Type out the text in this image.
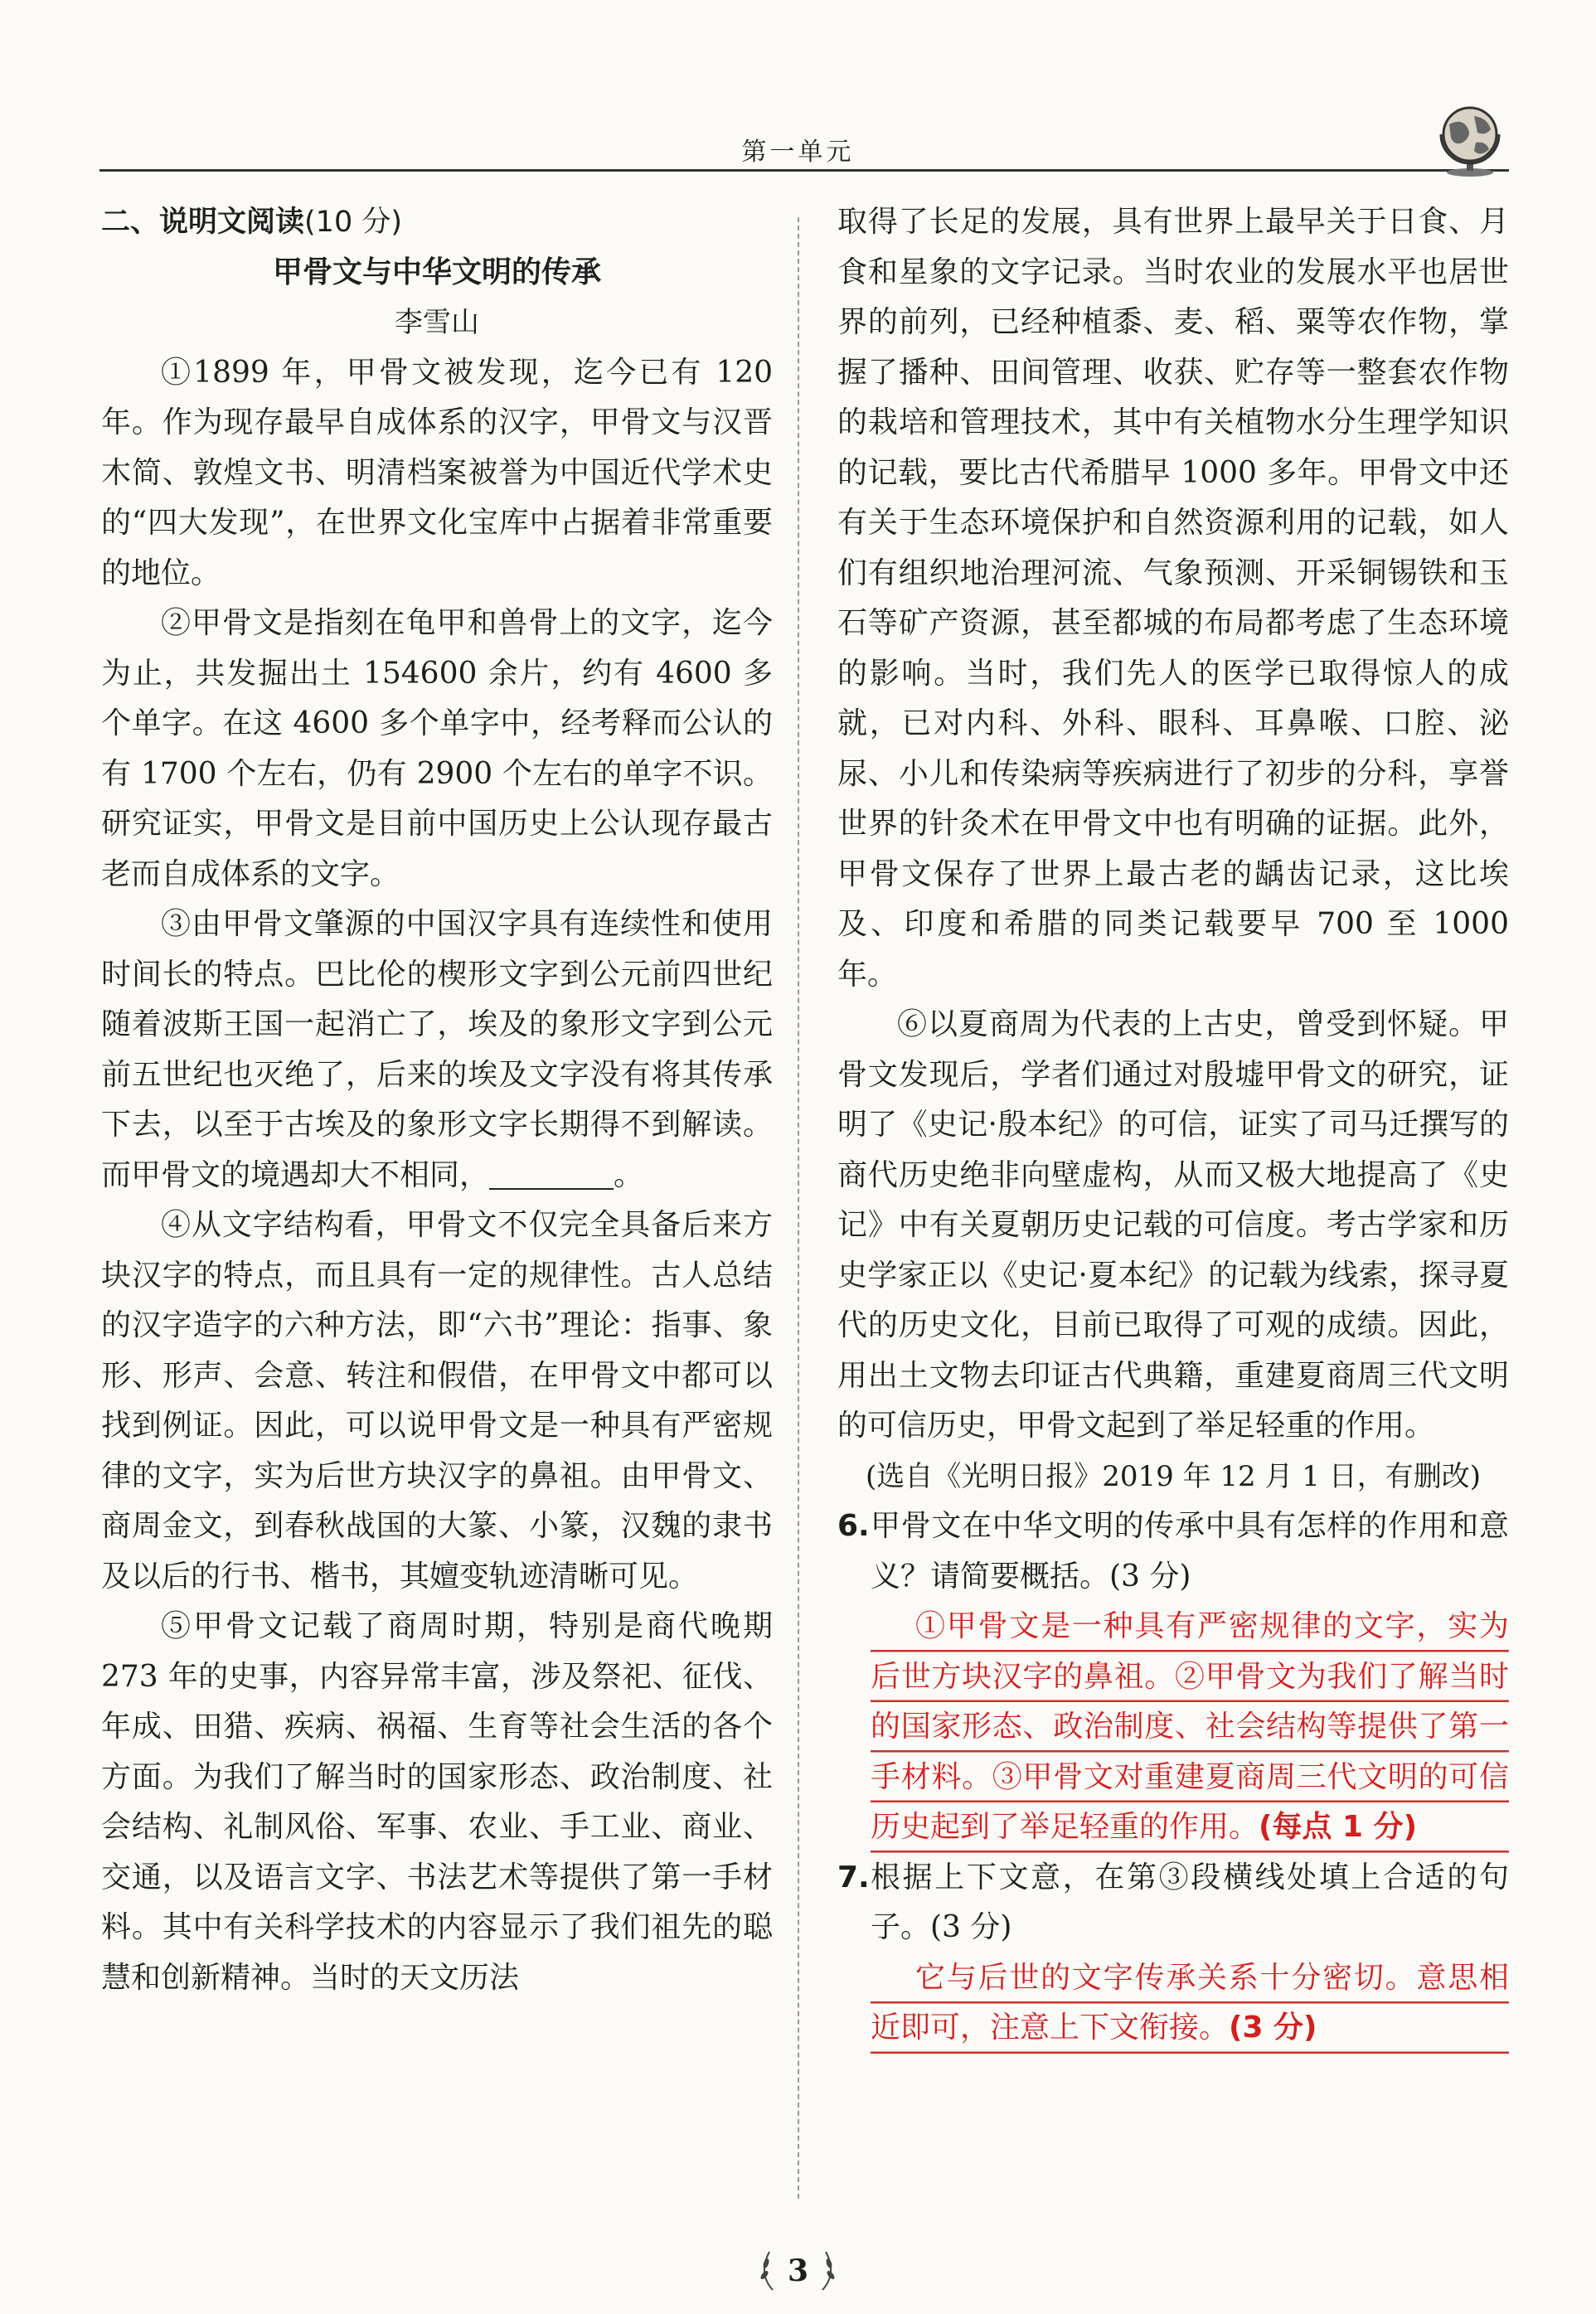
第一单元
二、说明文阅读(10 分)
甲骨文与中华文明的传承

李雪山

①1899 年，甲骨文被发现，迄今已有 120 年。作为现存最早自成体系的汉字，甲骨文与汉晋木简、敦煌文书、明清档案被誉为中国近代学术史的“四大发现”，在世界文化宝库中占据着非常重要的地位。

②甲骨文是指刻在龟甲和兽骨上的文字，迄今为止，共发掘出土 154600 余片，约有 4600 多个单字。在这 4600 多个单字中，经考释而公认的有 1700 个左右，仍有 2900 个左右的单字不识。研究证实，甲骨文是目前中国历史上公认现存最古老而自成体系的文字。

③由甲骨文肇源的中国汉字具有连续性和使用时间长的特点。巴比伦的楔形文字到公元前四世纪随着波斯王国一起消亡了，埃及的象形文字到公元前五世纪也灭绝了，后来的埃及文字没有将其传承下去，以至于古埃及的象形文字长期得不到解读。而甲骨文的境遇却大不相同，	。

④从文字结构看，甲骨文不仅完全具备后来方块汉字的特点，而且具有一定的规律性。古人总结的汉字造字的六种方法，即“六书”理论：指事、象形、形声、会意、转注和假借，在甲骨文中都可以找到例证。因此，可以说甲骨文是一种具有严密规律的文字，实为后世方块汉字的鼻祖。由甲骨文、商周金文，到春秋战国的大篆、小篆，汉魏的隶书及以后的行书、楷书，其嬗变轨迹清晰可见。

⑤甲骨文记载了商周时期，特别是商代晚期 273 年的史事，内容异常丰富，涉及祭祀、征伐、年成、田猎、疾病、祸福、生育等社会生活的各个方面。为我们了解当时的国家形态、政治制度、社会结构、礼制风俗、军事、农业、手工业、商业、交通，以及语言文字、书法艺术等提供了第一手材料。其中有关科学技术的内容显示了我们祖先的聪慧和创新精神。当时的天文历法

取得了长足的发展，具有世界上最早关于日食、月食和星象的文字记录。当时农业的发展水平也居世界的前列，已经种植黍、麦、稻、粟等农作物，掌握了播种、田间管理、收获、贮存等一整套农作物的栽培和管理技术，其中有关植物水分生理学知识的记载，要比古代希腊早 1000 多年。甲骨文中还有关于生态环境保护和自然资源利用的记载，如人们有组织地治理河流、气象预测、开采铜锡铁和玉石等矿产资源，甚至都城的布局都考虑了生态环境的影响。当时，我们先人的医学已取得惊人的成就，已对内科、外科、眼科、耳鼻喉、口腔、泌尿、小儿和传染病等疾病进行了初步的分科，享誉世界的针灸术在甲骨文中也有明确的证据。此外，甲骨文保存了世界上最古老的龋齿记录，这比埃及、印度和希腊的同类记载要早 700 至 1000 年。

⑥以夏商周为代表的上古史，曾受到怀疑。甲骨文发现后，学者们通过对殷墟甲骨文的研究，证明了《史记·殷本纪》的可信，证实了司马迁撰写的商代历史绝非向壁虚构，从而又极大地提高了《史记》中有关夏朝历史记载的可信度。考古学家和历史学家正以《史记·夏本纪》的记载为线索，探寻夏代的历史文化，目前已取得了可观的成绩。因此，用出土文物去印证古代典籍，重建夏商周三代文明的可信历史，甲骨文起到了举足轻重的作用。

(选自《光明日报》2019 年 12 月 1 日，有删改)

6. 甲骨文在中华文明的传承中具有怎样的作用和意义？请简要概括。(3 分)

①甲骨文是一种具有严密规律的文字，实为后世方块汉字的鼻祖。②甲骨文为我们了解当时的国家形态、政治制度、社会结构等提供了第一手材料。③甲骨文对重建夏商周三代文明的可信历史起到了举足轻重的作用。(每点 1 分)

7. 根据上下文意，在第③段横线处填上合适的句子。(3 分)

它与后世的文字传承关系十分密切。意思相近即可，注意上下文衔接。(3 分)

3
